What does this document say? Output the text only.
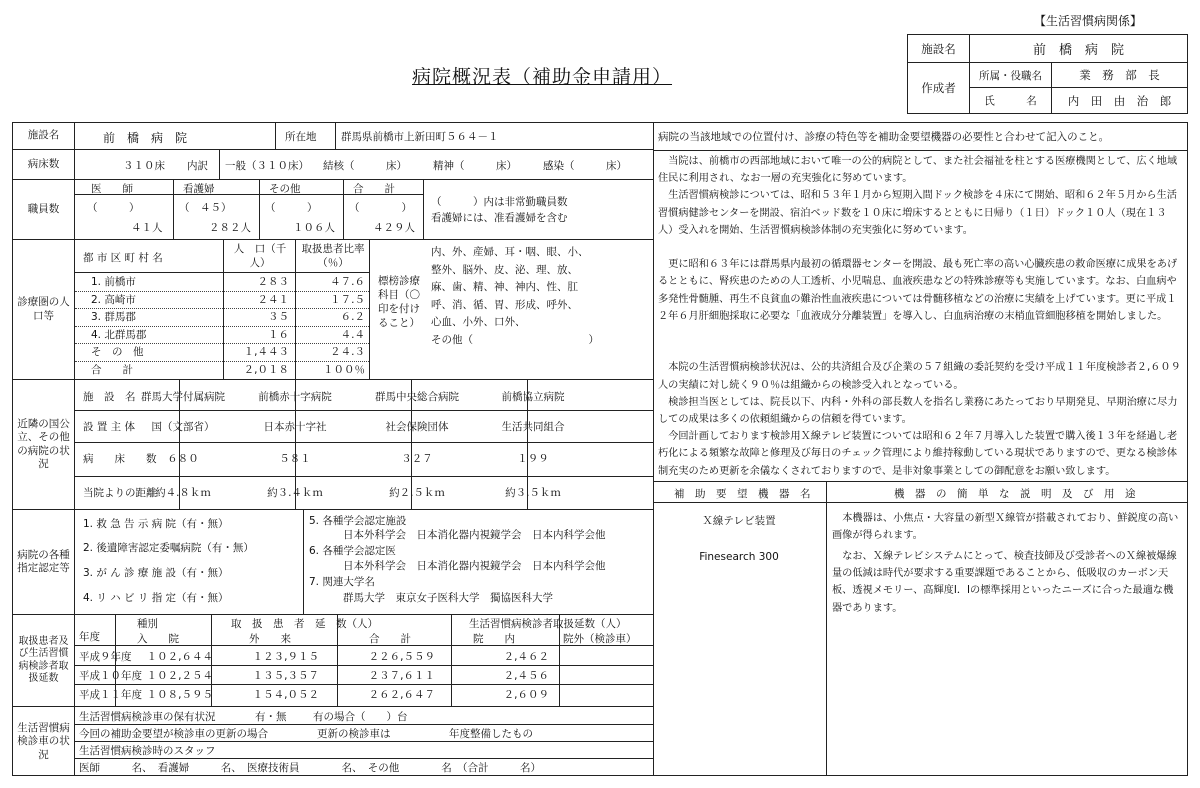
【生活習慣病関係】
病院概況表（補助金申請用）
施設名	前　橋　病　院
作成者
所属・役職名	業　務　部　長
氏　　　名	内　田　由　治　郎
施設名	前　橋　病　院	所在地 群馬県前橋市上新田町５６４－１
病床数	３１０床 内訳 一般（３１０床） 結核（　　　床） 精神（　　　床） 感染（　　　床）
職員数
医　　師	看護婦	その他	合　　計
（　　　）	（　４５）	（　　　）	（　　　　）
４１人	２８２人	１０６人	４２９人
（　　　）内は非常勤職員数
看護婦には、准看護婦を含む
診療圏の人口等
都 市 区 町 村 名
人　口（千人）
取扱患者比率（％）
1. 前橋市	２８３	４７.６
2. 高崎市	２４１	１７.５
3. 群馬郡	３５	６.２
4. 北群馬郡	１６	４.４
そ　の　他	１,４４３	２４.３
合　　計	２,０１８	１００％
標榜診療科目（〇印を付けること）
内、外、産婦、耳・咽、眼、小、
整外、脳外、皮、泌、理、放、
麻、歯、精、神、神内、性、肛
呼、消、循、胃、形成、呼外、
心血、小外、口外、
その他（　　　　　　　　　　　）
近隣の国公立、その他の病院の状況
施　設　名 群馬大学付属病院	前橋赤十字病院	群馬中央総合病院	前橋協立病院
設 置 主 体	国（文部省）	日本赤十字社	社会保険団体	生活共同組合
病　　床　　数	６８０	５８１	３２７	１９９
当院よりの距離
約４.８ｋｍ	約３.４ｋｍ	約２.５ｋｍ	約３.５ｋｍ
病院の各種指定認定等
1. 救 急 告 示 病 院（有・無）
2. 後遺障害認定委嘱病院（有・無）
3. が ん 診 療 施 設（有・無）
4. リ ハ ビ リ 指 定（有・無）
5. 各種学会認定施設
日本外科学会　日本消化器内視鏡学会　日本内科学会他
6. 各種学会認定医
日本外科学会　日本消化器内視鏡学会　日本内科学会他
7. 関連大学名
群馬大学　東京女子医科大学　獨協医科大学
取扱患者及び生活習慣病検診者取扱延数
種別
年度
取　扱　患　者　延　数（人）
入　　院	外　　来	合　　計
生活習慣病検診者取扱延数（人）
院　　内	院外（検診車）
平成９年度	１０２,６４４	１２３,９１５	２２６,５５９	２,４６２
平成１０年度 １０２,２５４	１３５,３５７	２３７,６１１	２,４５６
平成１１年度 １０８,５９５	１５４,０５２	２６２,６４７	２,６０９
生活習慣病検診車の状況
生活習慣病検診車の保有状況	有・無	有の場合（　　）台
今回の補助金要望が検診車の更新の場合	更新の検診車は	年度整備したもの
生活習慣病検診時のスタッフ
医師　　　名、　看護婦　　　名、　医療技術員　　　　名、　その他　　　　名　（合計　　　名）
病院の当該地域での位置付け、診療の特色等を補助金要望機器の必要性と合わせて記入のこと。
当院は、前橋市の西部地域において唯一の公的病院として、また社会福祉を柱とする医療機関として、広く地域住民に利用され、なお一層の充実強化に努めています。
生活習慣病検診については、昭和５３年１月から短期入間ドック検診を４床にて開始、昭和６２年５月から生活習慣病健診センターを開設、宿泊ベッド数を１０床に増床するとともに日帰り（１日）ドック１０人（現在１３人）受入れを開始、生活習慣病検診体制の充実強化に努めています。
更に昭和６３年には群馬県内最初の循環器センターを開設、最も死亡率の高い心臓疾患の救命医療に成果をあげるとともに、腎疾患のための人工透析、小児喘息、血液疾患などの特殊診療等も実施しています。なお、白血病や多発性骨髄腫、再生不良貧血の難治性血液疾患については骨髄移植などの治療に実績を上げています。更に平成１２年６月肝細胞採取に必要な「血液成分分離装置」を導入し、白血病治療の末梢血管細胞移植を開始しました。
本院の生活習慣病検診状況は、公的共済組合及び企業の５７組織の委託契約を受け平成１１年度検診者２,６０９人の実績に対し続く９０％は組織からの検診受入れとなっている。
検診担当医としては、院長以下、内科・外科の部長数人を指名し業務にあたっており早期発見、早期治療に尽力しての成果は多くの依頼組織からの信頼を得ています。
今回計画しております検診用Ｘ線テレビ装置については昭和６２年７月導入した装置で購入後１３年を経過し老朽化による頻繁な故障と修理及び毎日のチェック管理により維持稼動している現状でありますので、更なる検診体制充実のため更新を余儀なくされておりますので、是非対象事業としての御配意をお願い致します。
補　助　要　望　機　器　名	機　器　の　簡　単　な　説　明　及　び　用　途
Ｘ線テレビ装置	本機器は、小焦点・大容量の新型Ｘ線管が搭載されており、鮮鋭度の高い画像が得られます。
Finesearch 300	なお、Ｘ線テレビシステムにとって、検査技師及び受診者へのＸ線被爆線量の低減は時代が要求する重要課題であることから、低吸収のカーボン天板、透視メモリー、高輝度Ⅰ．Ⅰの標準採用といったニーズに合った最適な機器であります。
